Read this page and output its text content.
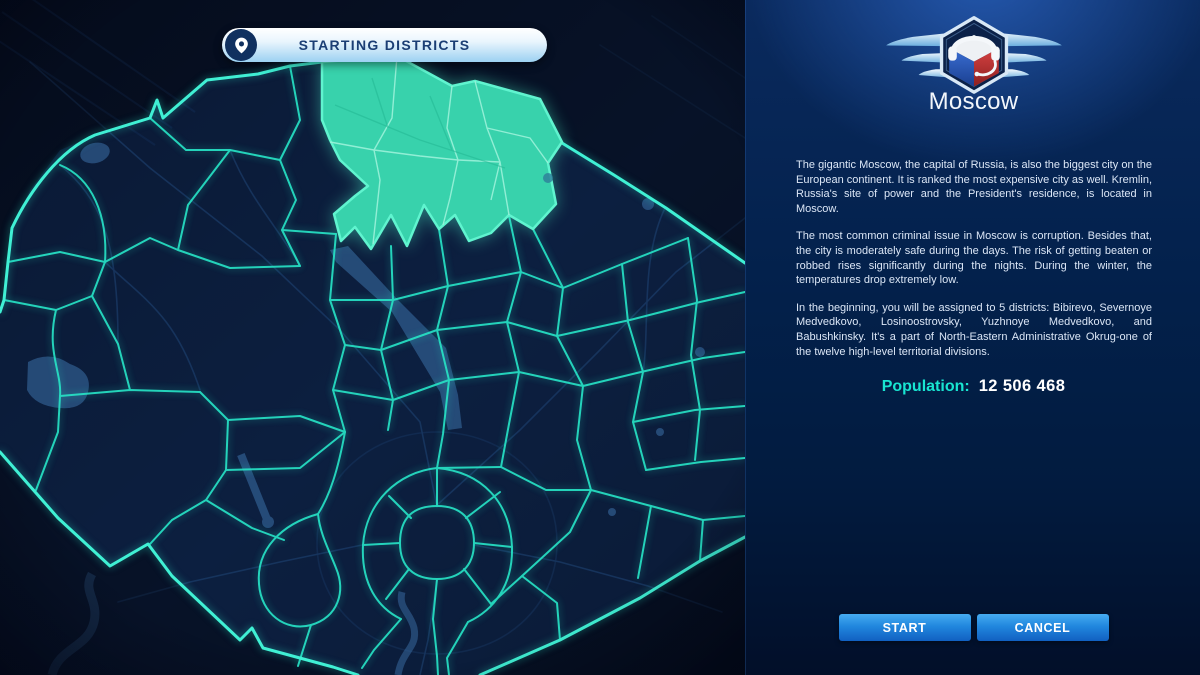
STARTING DISTRICTS
Moscow

The gigantic Moscow, the capital of Russia, is also the biggest city on the European continent. It is ranked the most expensive city as well. Kremlin, Russia's site of power and the President's residence, is located in Moscow.

The most common criminal issue in Moscow is corruption. Besides that, the city is moderately safe during the days. The risk of getting beaten or robbed rises significantly during the nights. During the winter, the temperatures drop extremely low.

In the beginning, you will be assigned to 5 districts: Bibirevo, Severnoye Medvedkovo, Losinoostrovsky, Yuzhnoye Medvedkovo, and Babushkinsky. It's a part of North-Eastern Administrative Okrug-one of the twelve high-level territorial divisions.

Population: 12 506 468
START	CANCEL
